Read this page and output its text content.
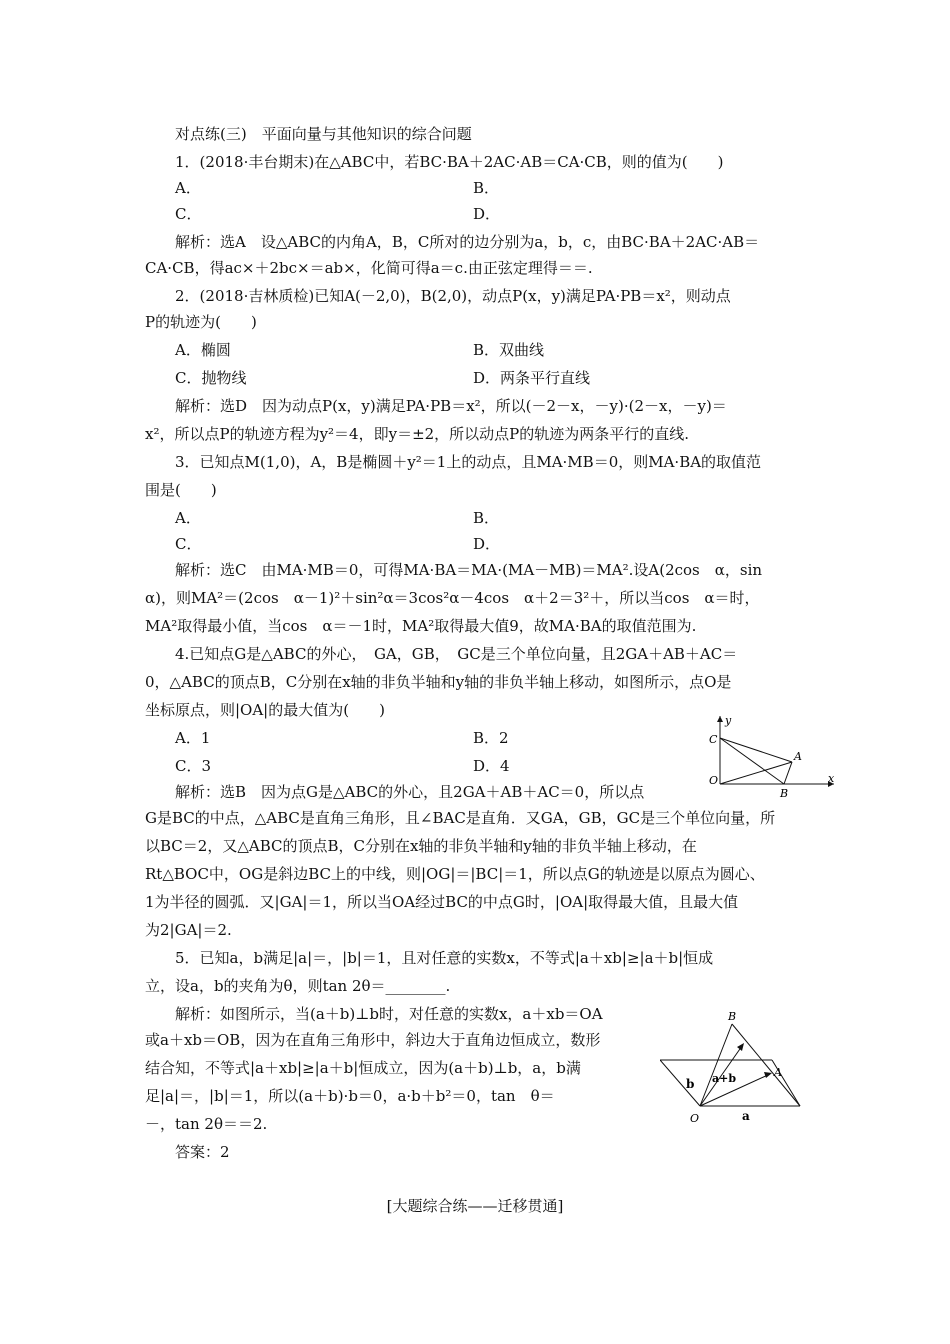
对点练(三)　平面向量与其他知识的综合问题
1．(2018·丰台期末)在△ABC中，若BC·BA＋2AC·AB＝CA·CB，则的值为(　　)
A．
C．
解析：选A　设△ABC的内角A，B，C所对的边分别为a，b，c，由BC·BA＋2AC·AB＝
CA·CB，得ac×＋2bc×＝ab×，化简可得a＝c.由正弦定理得＝＝.
2．(2018·吉林质检)已知A(－2,0)，B(2,0)，动点P(x，y)满足PA·PB＝x²，则动点
P的轨迹为(　　)
A．椭圆
C．抛物线
解析：选D　因为动点P(x，y)满足PA·PB＝x²，所以(－2－x，－y)·(2－x，－y)＝
x²，所以点P的轨迹方程为y²＝4，即y＝±2，所以动点P的轨迹为两条平行的直线.
3．已知点M(1,0)，A，B是椭圆＋y²＝1上的动点，且MA·MB＝0，则MA·BA的取值范
围是(　　)
A．
C．
解析：选C　由MA·MB＝0，可得MA·BA＝MA·(MA－MB)＝MA².设A(2cos　α，sin
α)，则MA²＝(2cos　α－1)²＋sin²α＝3cos²α－4cos　α＋2＝3²＋，所以当cos　α＝时，
MA²取得最小值，当cos　α＝－1时，MA²取得最大值9，故MA·BA的取值范围为.
4.已知点G是△ABC的外心，　GA，GB，　GC是三个单位向量，且2GA＋AB＋AC＝
0，△ABC的顶点B，C分别在x轴的非负半轴和y轴的非负半轴上移动，如图所示，点O是
坐标原点，则|OA|的最大值为(　　)
A．1
C．3
解析：选B　因为点G是△ABC的外心，且2GA＋AB＋AC＝0，所以点
G是BC的中点，△ABC是直角三角形，且∠BAC是直角．又GA，GB，GC是三个单位向量，所
以BC＝2，又△ABC的顶点B，C分别在x轴的非负半轴和y轴的非负半轴上移动，在
Rt△BOC中，OG是斜边BC上的中线，则|OG|＝|BC|＝1，所以点G的轨迹是以原点为圆心、
1为半径的圆弧．又|GA|＝1，所以当OA经过BC的中点G时，|OA|取得最大值，且最大值
为2|GA|＝2.
5．已知a，b满足|a|＝，|b|＝1，且对任意的实数x，不等式|a＋xb|≥|a＋b|恒成
立，设a，b的夹角为θ，则tan 2θ＝________.
解析：如图所示，当(a＋b)⊥b时，对任意的实数x，a＋xb＝OA
或a＋xb＝OB，因为在直角三角形中，斜边大于直角边恒成立，数形
结合知，不等式|a＋xb|≥|a＋b|恒成立，因为(a＋b)⊥b，a，b满
足|a|＝，|b|＝1，所以(a＋b)·b＝0，a·b＋b²＝0，tan　θ＝
－，tan 2θ＝＝2.
答案：2
B．
D．
B．双曲线
D．两条平行直线
B．
D．
B．2
D．4
y
x
C
A
O
B
B
A
O	a
b a+b
[大题综合练——迁移贯通]
